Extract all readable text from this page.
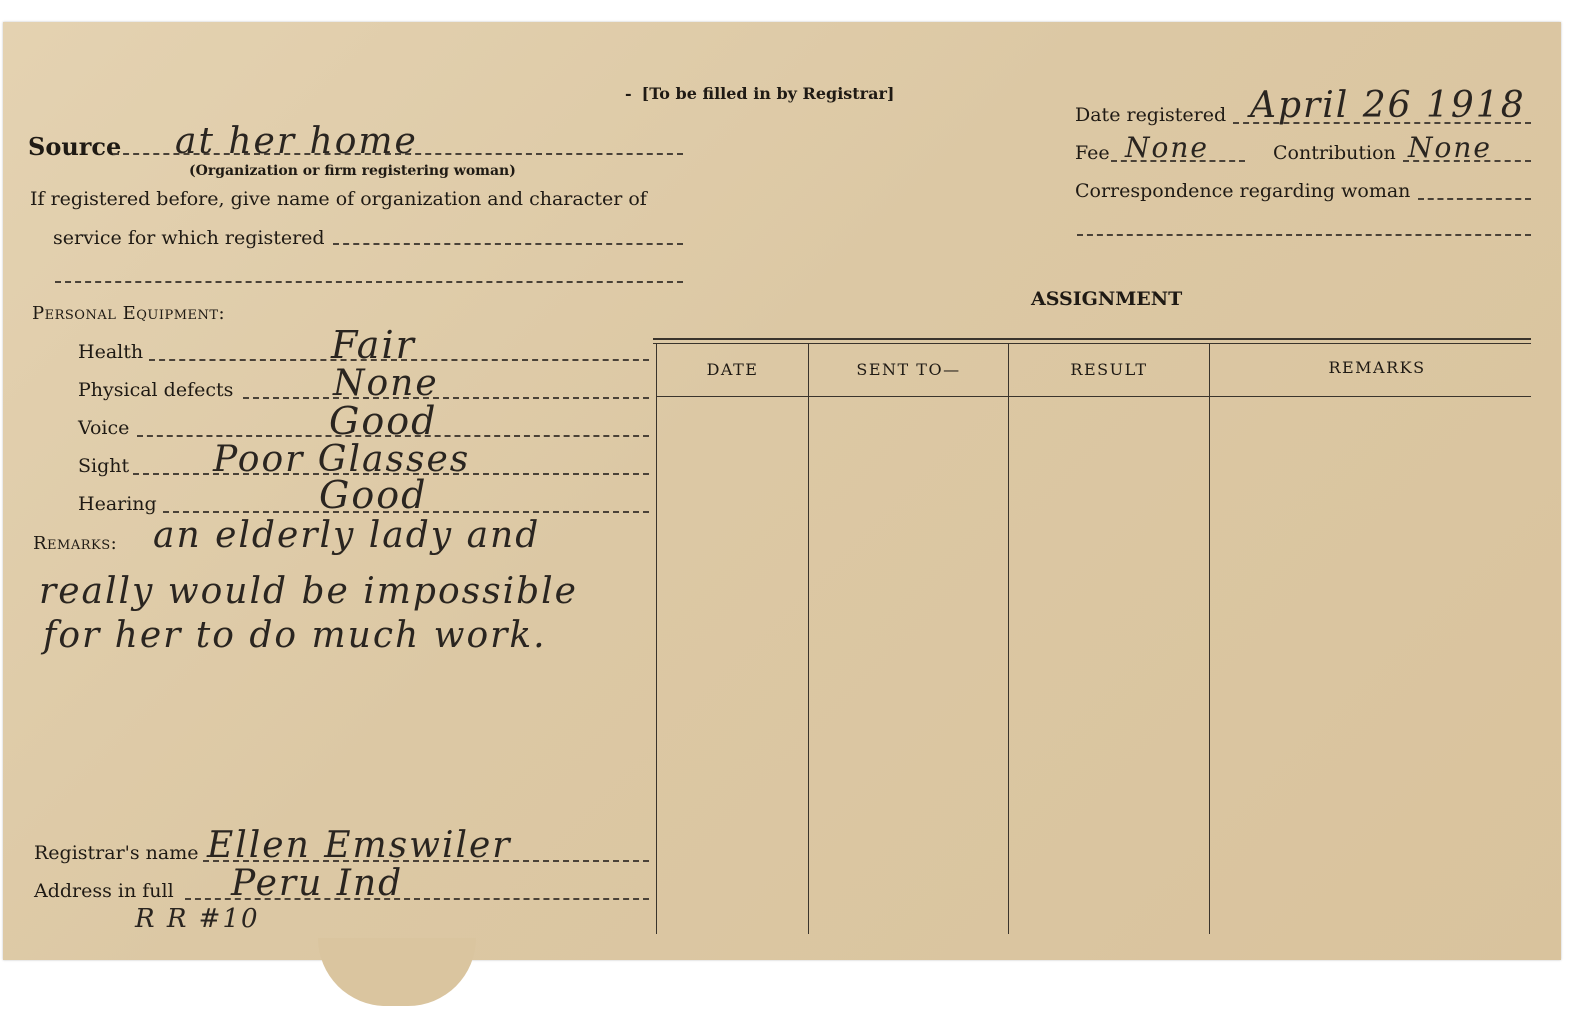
- [To be filled in by Registrar]
Source at her home
(Organization or firm registering woman)
If registered before, give name of organization and character of
service for which registered
Date registered April 26 1918
Fee None	Contribution None
Correspondence regarding woman
ASSIGNMENT
Personal Equipment:
Health	Fair
Physical defects	None
Voice	Good
Sight Poor Glasses
Hearing	Good
Remarks: an elderly lady and
really would be impossible
for her to do much work.
Registrar's name Ellen Emswiler
Address in full Peru Ind
R R #10
DATE	SENT TO—	RESULT	REMARKS
